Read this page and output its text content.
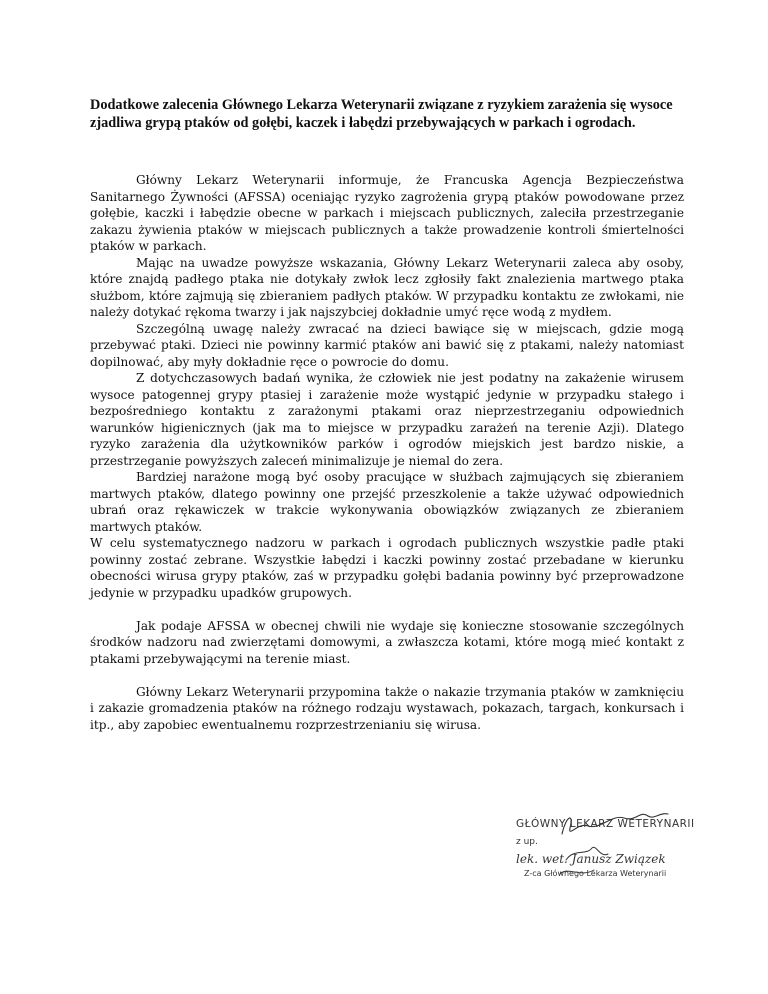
Dodatkowe zalecenia Głównego Lekarza Weterynarii związane z ryzykiem zarażenia się wysoce zjadliwa grypą ptaków od gołębi, kaczek i łabędzi przebywających w parkach i ogrodach.

Główny Lekarz Weterynarii informuje, że Francuska Agencja Bezpieczeństwa Sanitarnego Żywności (AFSSA) oceniając ryzyko zagrożenia grypą ptaków powodowane przez gołębie, kaczki i łabędzie obecne w parkach i miejscach publicznych, zaleciła przestrzeganie zakazu żywienia ptaków w miejscach publicznych a także prowadzenie kontroli śmiertelności ptaków w parkach.

Mając na uwadze powyższe wskazania, Główny Lekarz Weterynarii zaleca aby osoby, które znajdą padłego ptaka nie dotykały zwłok lecz zgłosiły fakt znalezienia martwego ptaka służbom, które zajmują się zbieraniem padłych ptaków. W przypadku kontaktu ze zwłokami, nie należy dotykać rękoma twarzy i jak najszybciej dokładnie umyć ręce wodą z mydłem.

Szczególną uwagę należy zwracać na dzieci bawiące się w miejscach, gdzie mogą przebywać ptaki. Dzieci nie powinny karmić ptaków ani bawić się z ptakami, należy natomiast dopilnować, aby myły dokładnie ręce o powrocie do domu.

Z dotychczasowych badań wynika, że człowiek nie jest podatny na zakażenie wirusem wysoce patogennej grypy ptasiej i zarażenie może wystąpić jedynie w przypadku stałego i bezpośredniego kontaktu z zarażonymi ptakami oraz nieprzestrzeganiu odpowiednich warunków higienicznych (jak ma to miejsce w przypadku zarażeń na terenie Azji). Dlatego ryzyko zarażenia dla użytkowników parków i ogrodów miejskich jest bardzo niskie, a przestrzeganie powyższych zaleceń minimalizuje je niemal do zera.

Bardziej narażone mogą być osoby pracujące w służbach zajmujących się zbieraniem martwych ptaków, dlatego powinny one przejść przeszkolenie a także używać odpowiednich ubrań oraz rękawiczek w trakcie wykonywania obowiązków związanych ze zbieraniem martwych ptaków.

W celu systematycznego nadzoru w parkach i ogrodach publicznych wszystkie padłe ptaki powinny zostać zebrane. Wszystkie łabędzi i kaczki powinny zostać przebadane w kierunku obecności wirusa grypy ptaków, zaś w przypadku gołębi badania powinny być przeprowadzone jedynie w przypadku upadków grupowych.

Jak podaje AFSSA w obecnej chwili nie wydaje się konieczne stosowanie szczególnych środków nadzoru nad zwierzętami domowymi, a zwłaszcza kotami, które mogą mieć kontakt z ptakami przebywającymi na terenie miast.

Główny Lekarz Weterynarii przypomina także o nakazie trzymania ptaków w zamknięciu i zakazie gromadzenia ptaków na różnego rodzaju wystawach, pokazach, targach, konkursach i itp., aby zapobiec ewentualnemu rozprzestrzenianiu się wirusa.

GŁÓWNY LEKARZ WETERYNARII
z up.
lek. wet. Janusz Związek
Z-ca Głównego Lekarza Weterynarii
